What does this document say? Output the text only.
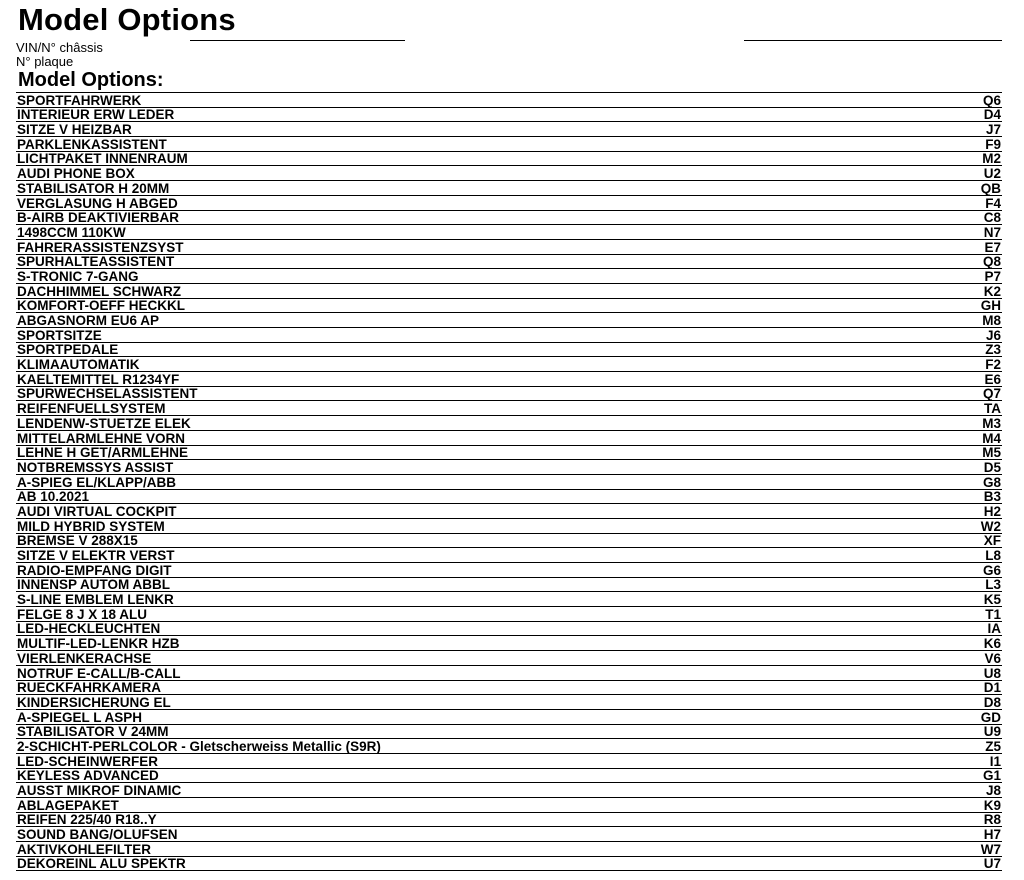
Model Options
VIN/N° châssis
N° plaque
Model Options:
SPORTFAHRWERK	Q6
INTERIEUR ERW LEDER	D4
SITZE V HEIZBAR	J7
PARKLENKASSISTENT	F9
LICHTPAKET INNENRAUM	M2
AUDI PHONE BOX	U2
STABILISATOR H 20MM	QB
VERGLASUNG H ABGED	F4
B-AIRB DEAKTIVIERBAR	C8
1498CCM 110KW	N7
FAHRERASSISTENZSYST	E7
SPURHALTEASSISTENT	Q8
S-TRONIC 7-GANG	P7
DACHHIMMEL SCHWARZ	K2
KOMFORT-OEFF HECKKL	GH
ABGASNORM EU6 AP	M8
SPORTSITZE	J6
SPORTPEDALE	Z3
KLIMAAUTOMATIK	F2
KAELTEMITTEL R1234YF	E6
SPURWECHSELASSISTENT	Q7
REIFENFUELLSYSTEM	TA
LENDENW-STUETZE ELEK	M3
MITTELARMLEHNE VORN	M4
LEHNE H GET/ARMLEHNE	M5
NOTBREMSSYS ASSIST	D5
A-SPIEG EL/KLAPP/ABB	G8
AB 10.2021	B3
AUDI VIRTUAL COCKPIT	H2
MILD HYBRID SYSTEM	W2
BREMSE V 288X15	XF
SITZE V ELEKTR VERST	L8
RADIO-EMPFANG DIGIT	G6
INNENSP AUTOM ABBL	L3
S-LINE EMBLEM LENKR	K5
FELGE 8 J X 18 ALU	T1
LED-HECKLEUCHTEN	IA
MULTIF-LED-LENKR HZB	K6
VIERLENKERACHSE	V6
NOTRUF E-CALL/B-CALL	U8
RUECKFAHRKAMERA	D1
KINDERSICHERUNG EL	D8
A-SPIEGEL L ASPH	GD
STABILISATOR V 24MM	U9
2-SCHICHT-PERLCOLOR - Gletscherweiss Metallic (S9R)	Z5
LED-SCHEINWERFER	I1
KEYLESS ADVANCED	G1
AUSST MIKROF DINAMIC	J8
ABLAGEPAKET	K9
REIFEN 225/40 R18..Y	R8
SOUND BANG/OLUFSEN	H7
AKTIVKOHLEFILTER	W7
DEKOREINL ALU SPEKTR	U7
